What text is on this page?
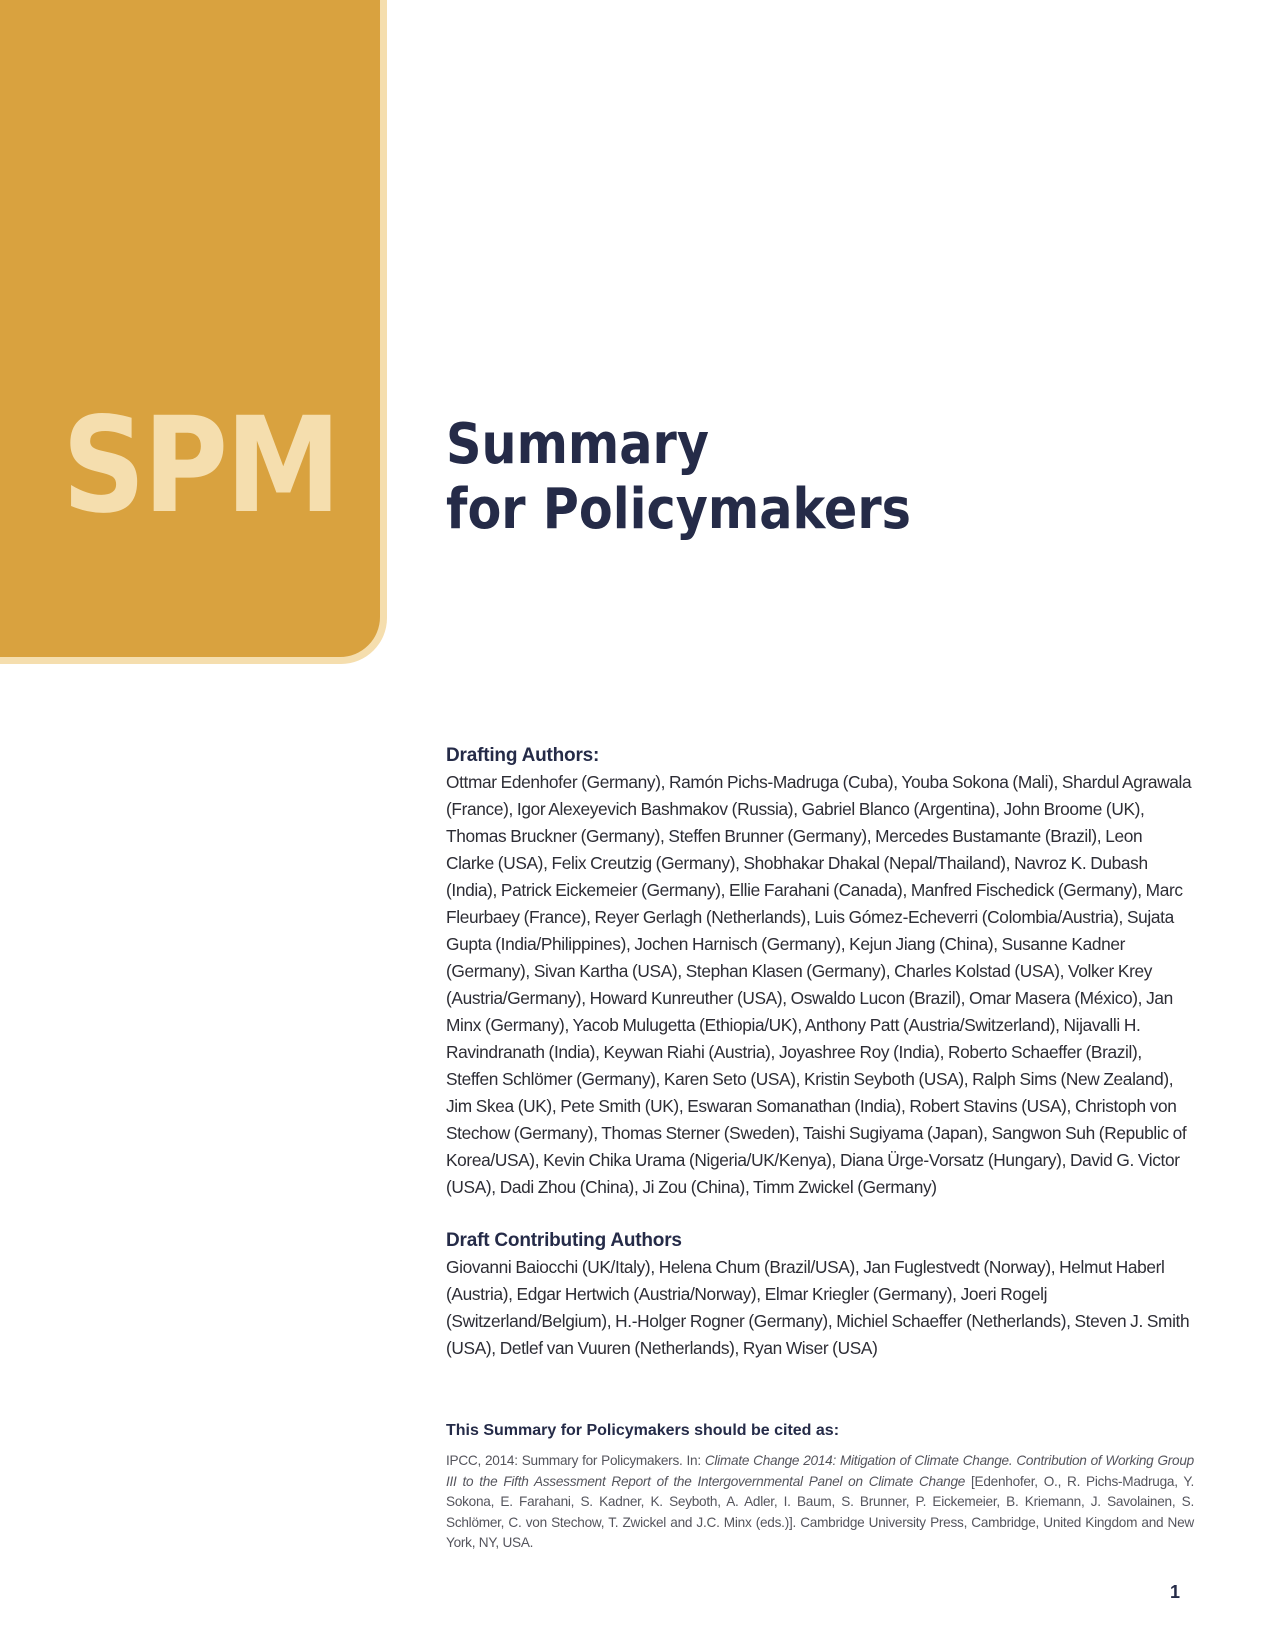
SPM Summary
for Policymakers
Drafting Authors:

Ottmar Edenhofer (Germany), Ramón Pichs-Madruga (Cuba), Youba Sokona (Mali), Shardul Agrawala (France), Igor Alexeyevich Bashmakov (Russia), Gabriel Blanco (Argentina), John Broome (UK), Thomas Bruckner (Germany), Steffen Brunner (Germany), Mercedes Bustamante (Brazil), Leon Clarke (USA), Felix Creutzig (Germany), Shobhakar Dhakal (Nepal/Thailand), Navroz K. Dubash (India), Patrick Eickemeier (Germany), Ellie Farahani (Canada), Manfred Fischedick (Germany), Marc Fleurbaey (France), Reyer Gerlagh (Netherlands), Luis Gómez-Echeverri (Colombia/Austria), Sujata Gupta (India/Philippines), Jochen Harnisch (Germany), Kejun Jiang (China), Susanne Kadner (Germany), Sivan Kartha (USA), Stephan Klasen (Germany), Charles Kolstad (USA), Volker Krey (Austria/Germany), Howard Kunreuther (USA), Oswaldo Lucon (Brazil), Omar Masera (México), Jan Minx (Germany), Yacob Mulugetta (Ethiopia/UK), Anthony Patt (Austria/Switzerland), Nijavalli H. Ravindranath (India), Keywan Riahi (Austria), Joyashree Roy (India), Roberto Schaeffer (Brazil), Steffen Schlömer (Germany), Karen Seto (USA), Kristin Seyboth (USA), Ralph Sims (New Zealand), Jim Skea (UK), Pete Smith (UK), Eswaran Somanathan (India), Robert Stavins (USA), Christoph von Stechow (Germany), Thomas Sterner (Sweden), Taishi Sugiyama (Japan), Sangwon Suh (Republic of Korea/USA), Kevin Chika Urama (Nigeria/UK/Kenya), Diana Ürge-Vorsatz (Hungary), David G. Victor (USA), Dadi Zhou (China), Ji Zou (China), Timm Zwickel (Germany)

Draft Contributing Authors

Giovanni Baiocchi (UK/Italy), Helena Chum (Brazil/USA), Jan Fuglestvedt (Norway), Helmut Haberl (Austria), Edgar Hertwich (Austria/Norway), Elmar Kriegler (Germany), Joeri Rogelj (Switzerland/Belgium), H.-Holger Rogner (Germany), Michiel Schaeffer (Netherlands), Steven J. Smith (USA), Detlef van Vuuren (Netherlands), Ryan Wiser (USA)

This Summary for Policymakers should be cited as:

IPCC, 2014: Summary for Policymakers. In: Climate Change 2014: Mitigation of Climate Change. Contribution of Working Group III to the Fifth Assessment Report of the Intergovernmental Panel on Climate Change [Edenhofer, O., R. Pichs-Madruga, Y. Sokona, E. Farahani, S. Kadner, K. Seyboth, A. Adler, I. Baum, S. Brunner, P. Eickemeier, B. Kriemann, J. Savolainen, S. Schlömer, C. von Stechow, T. Zwickel and J.C. Minx (eds.)]. Cambridge University Press, Cambridge, United Kingdom and New York, NY, USA.

1
